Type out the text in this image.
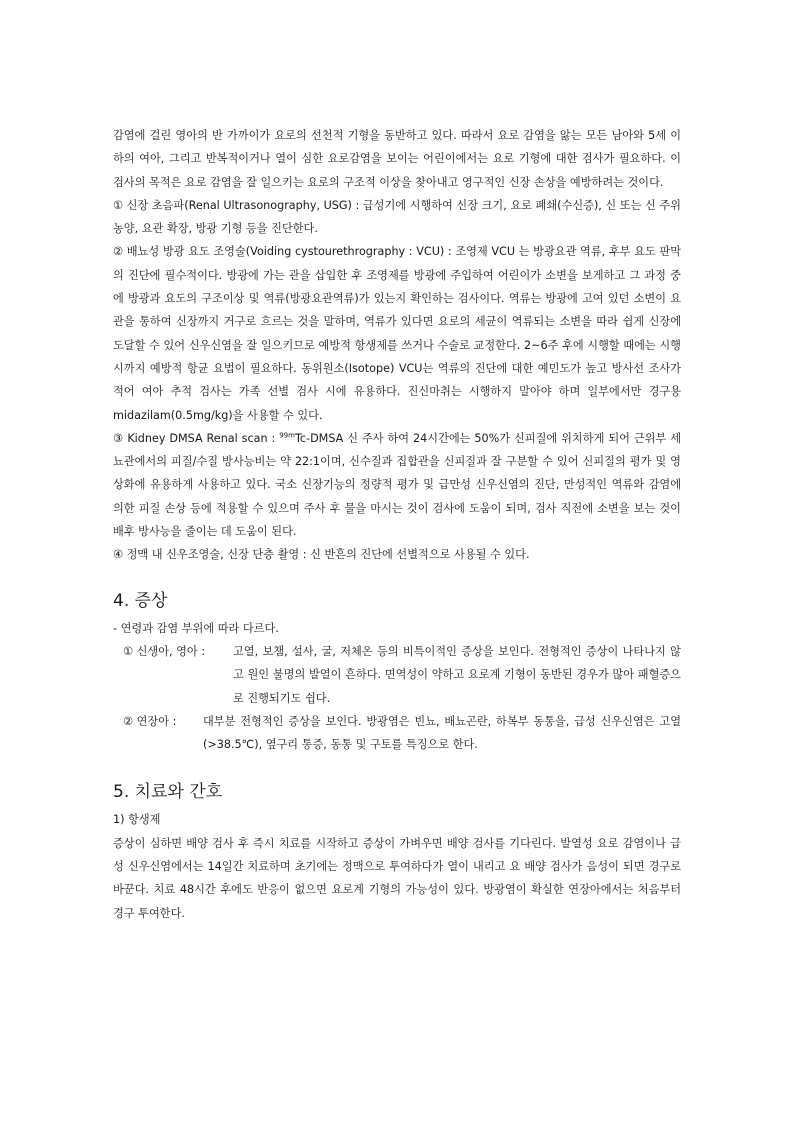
감염에 걸린 영아의 반 가까이가 요로의 선천적 기형을 동반하고 있다. 따라서 요로 감염을 앓는 모든 남아와 5세 이하의 여아, 그리고 반복적이거나 열이 심한 요로감염을 보이는 어린이에서는 요로 기형에 대한 검사가 필요하다. 이 검사의 목적은 요로 감염을 잘 일으키는 요로의 구조적 이상을 찾아내고 영구적인 신장 손상을 예방하려는 것이다.

① 신장 초음파(Renal Ultrasonography, USG) : 급성기에 시행하여 신장 크기, 요로 폐쇄(수신증), 신 또는 신 주위 농양, 요관 확장, 방광 기형 등을 진단한다.

② 배뇨성 방광 요도 조영술(Voiding cystourethrography : VCU) : 조영제 VCU 는 방광요관 역류, 후부 요도 판막의 진단에 필수적이다. 방광에 가는 관을 삽입한 후 조영제를 방광에 주입하여 어린이가 소변을 보게하고 그 과정 중에 방광과 요도의 구조이상 및 역류(방광요관역류)가 있는지 확인하는 검사이다. 역류는 방광에 고여 있던 소변이 요관을 통하여 신장까지 거구로 흐르는 것을 말하며, 역류가 있다면 요로의 세균이 역류되는 소변을 따라 쉽게 신장에 도달할 수 있어 신우신염을 잘 일으키므로 예방적 항생제를 쓰거나 수술로 교정한다. 2~6주 후에 시행할 때에는 시행 시까지 예방적 항균 요법이 필요하다. 동위원소(Isotope) VCU는 역류의 진단에 대한 예민도가 높고 방사선 조사가 적어 여아 추적 검사는 가족 선별 검사 시에 유용하다. 진신마취는 시행하지 말아야 하며 일부에서만 경구용 midazilam(0.5mg/kg)을 사용할 수 있다.

③ Kidney DMSA Renal scan : $^{99m}$Tc-DMSA 신 주사 하여 24시간에는 50%가 신피질에 위치하게 되어 근위부 세뇨관에서의 피질/수질 방사능비는 약 22:1이며, 신수질과 집합관을 신피질과 잘 구분할 수 있어 신피질의 평가 및 영상화에 유용하게 사용하고 있다. 국소 신장기능의 정량적 평가 및 급만성 신우신염의 진단, 만성적인 역류와 감염에 의한 피질 손상 등에 적용할 수 있으며 주사 후 물을 마시는 것이 검사에 도움이 되며, 검사 직전에 소변을 보는 것이 배후 방사능을 줄이는 데 도움이 된다.

④ 정맥 내 신우조영술, 신장 단층 촬영 : 신 반흔의 진단에 선별적으로 사용될 수 있다.

4. 증상

- 연령과 감염 부위에 따라 다르다.

① 신생아, 영아 :	고열, 보챔, 설사, 굴, 저체온 등의 비특이적인 증상을 보인다. 전형적인 증상이 나타나지 않고 원인 불명의 발열이 흔하다. 면역성이 약하고 요로계 기형이 동반된 경우가 많아 패혈증으로 진행되기도 쉽다.
② 연장아 :	대부분 전형적인 증상을 보인다. 방광염은 빈뇨, 배뇨곤란, 하복부 동통을, 급성 신우신염은 고열(>38.5℃), 옆구리 통증, 동통 및 구토를 특징으로 한다.
5. 치료와 간호

1) 항생제

증상이 심하면 배양 검사 후 즉시 치료를 시작하고 증상이 가벼우면 배양 검사를 기다린다. 발열성 요로 감염이나 급성 신우신염에서는 14일간 치료하며 초기에는 정맥으로 투여하다가 열이 내리고 요 배양 검사가 음성이 되면 경구로 바꾼다. 치료 48시간 후에도 반응이 없으면 요로계 기형의 가능성이 있다. 방광염이 확실한 연장아에서는 처음부터 경구 투여한다.
